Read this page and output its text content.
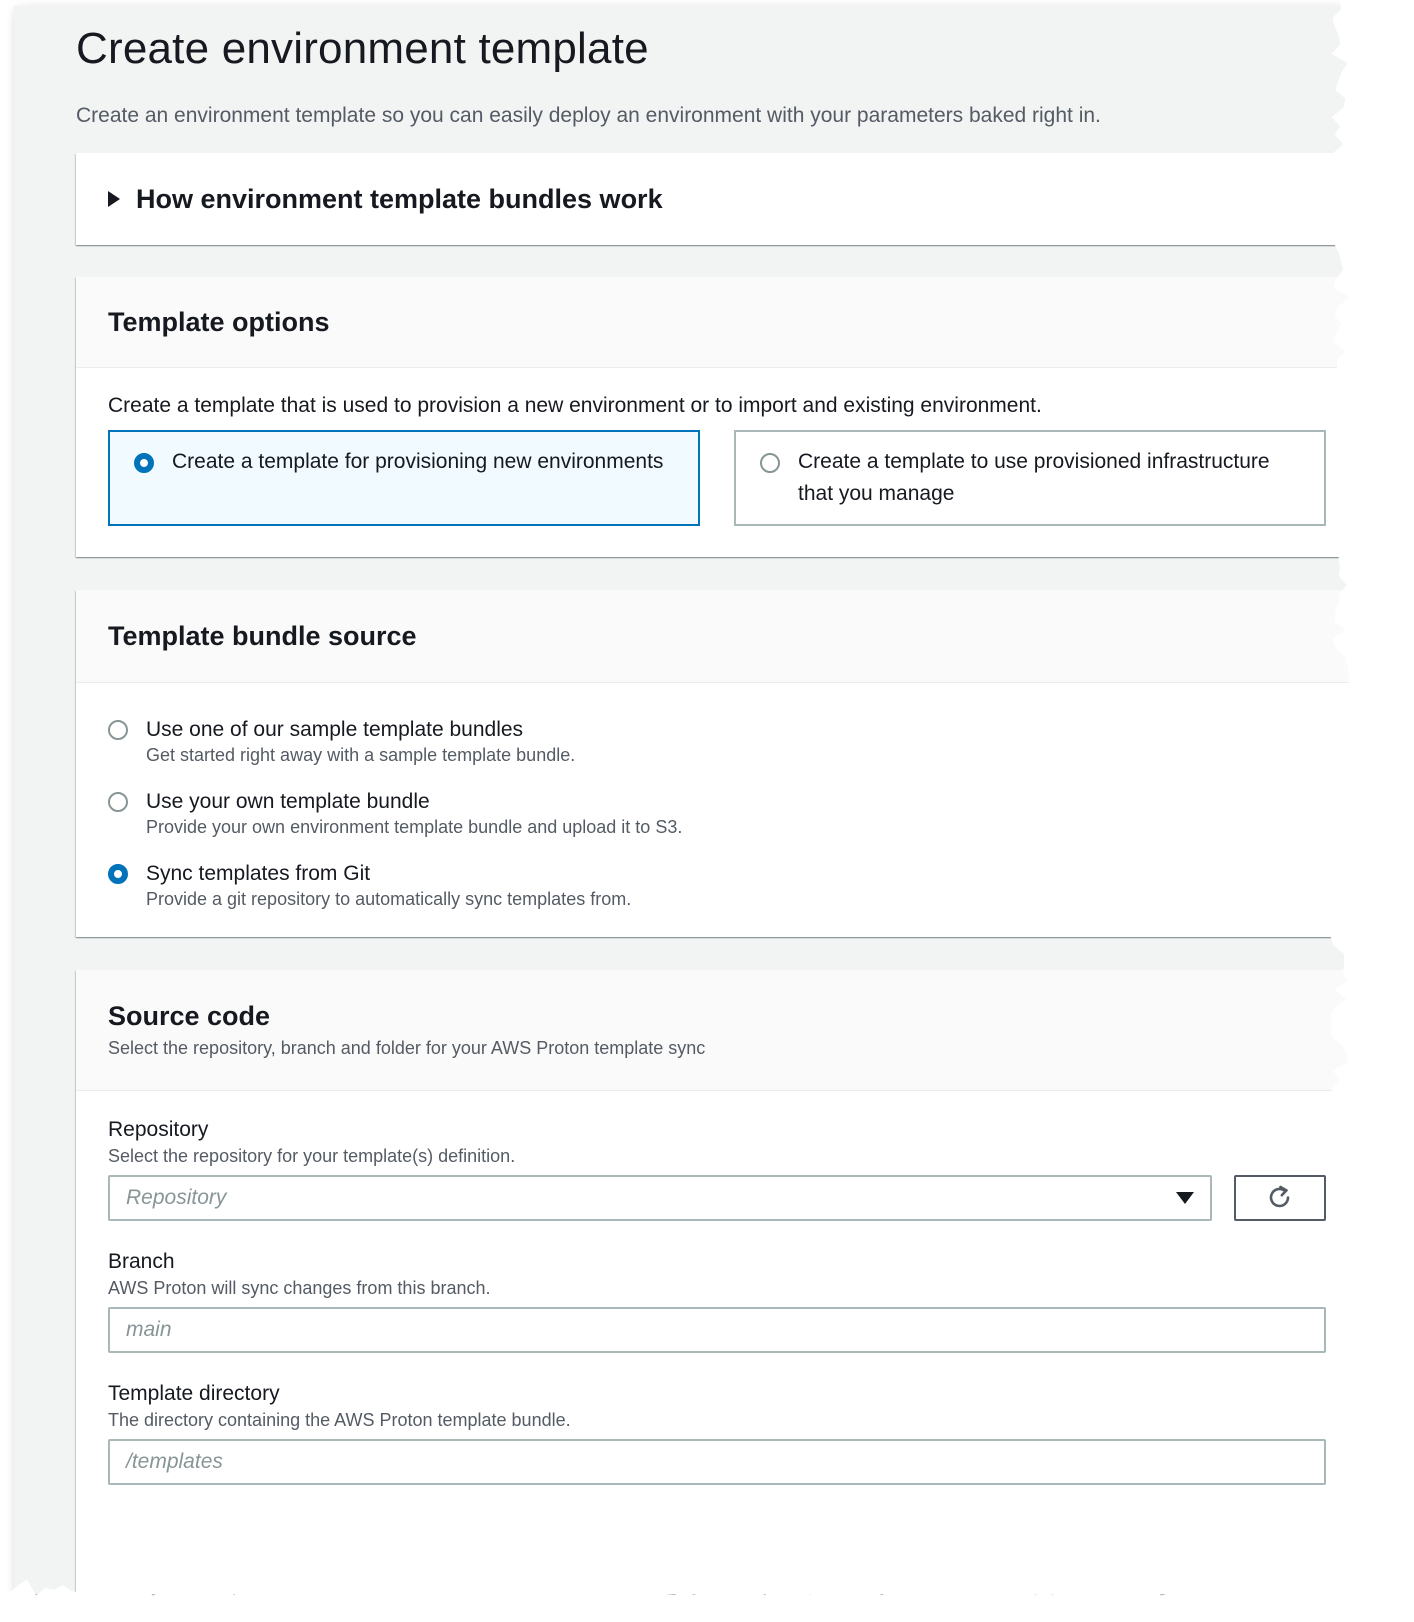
Create environment template

Create an environment template so you can easily deploy an environment with your parameters baked right in.

How environment template bundles work
Template options

Create a template that is used to provision a new environment or to import and existing environment.

Create a template for provisioning new environments	Create a template to use provisioned infrastructure that you manage
Template bundle source
Use one of our sample template bundles
Get started right away with a sample template bundle.
Use your own template bundle
Provide your own environment template bundle and upload it to S3.
Sync templates from Git
Provide a git repository to automatically sync templates from.
Source code

Select the repository, branch and folder for your AWS Proton template sync

Repository
Select the repository for your template(s) definition.
Repository
Branch
AWS Proton will sync changes from this branch.
main
Template directory
The directory containing the AWS Proton template bundle.
/templates
